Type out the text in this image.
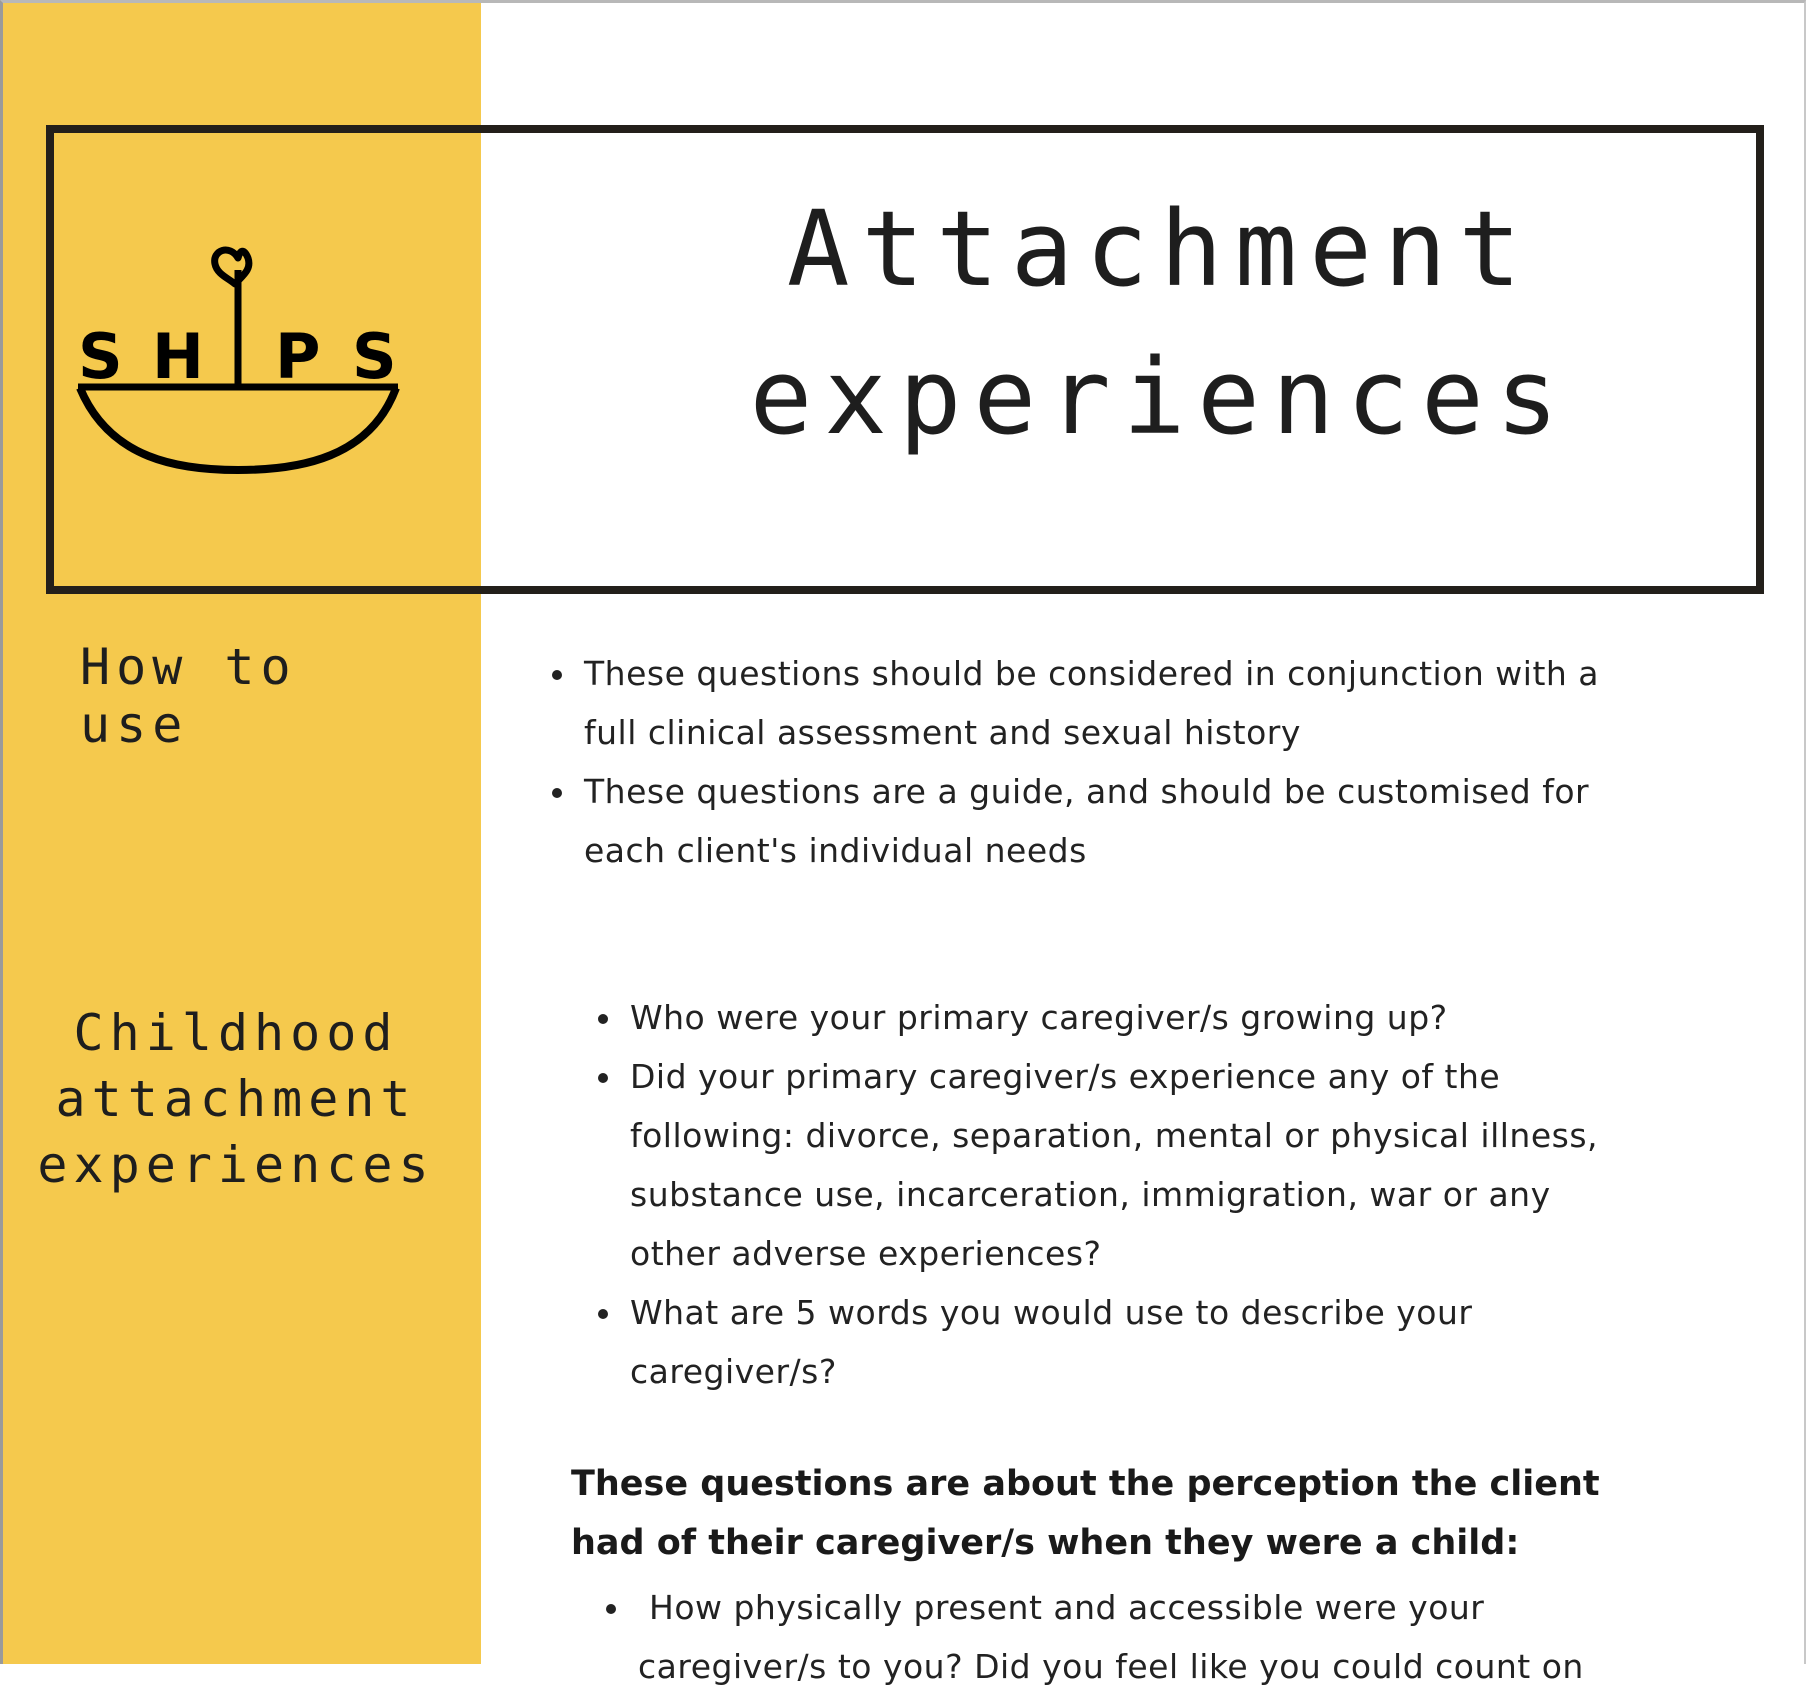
S H P S
Attachment
experiences
How to use
These questions should be considered in conjunction with a full clinical assessment and sexual history
These questions are a guide, and should be customised for each client's individual needs
Childhood
attachment
experiences
Who were your primary caregiver/s growing up?
Did your primary caregiver/s experience any of the following: divorce, separation, mental or physical illness, substance use, incarceration, immigration, war or any other adverse experiences?
What are 5 words you would use to describe your caregiver/s?
These questions are about the perception the client had of their caregiver/s when they were a child:
How physically present and accessible were your caregiver/s to you? Did you feel like you could count on
